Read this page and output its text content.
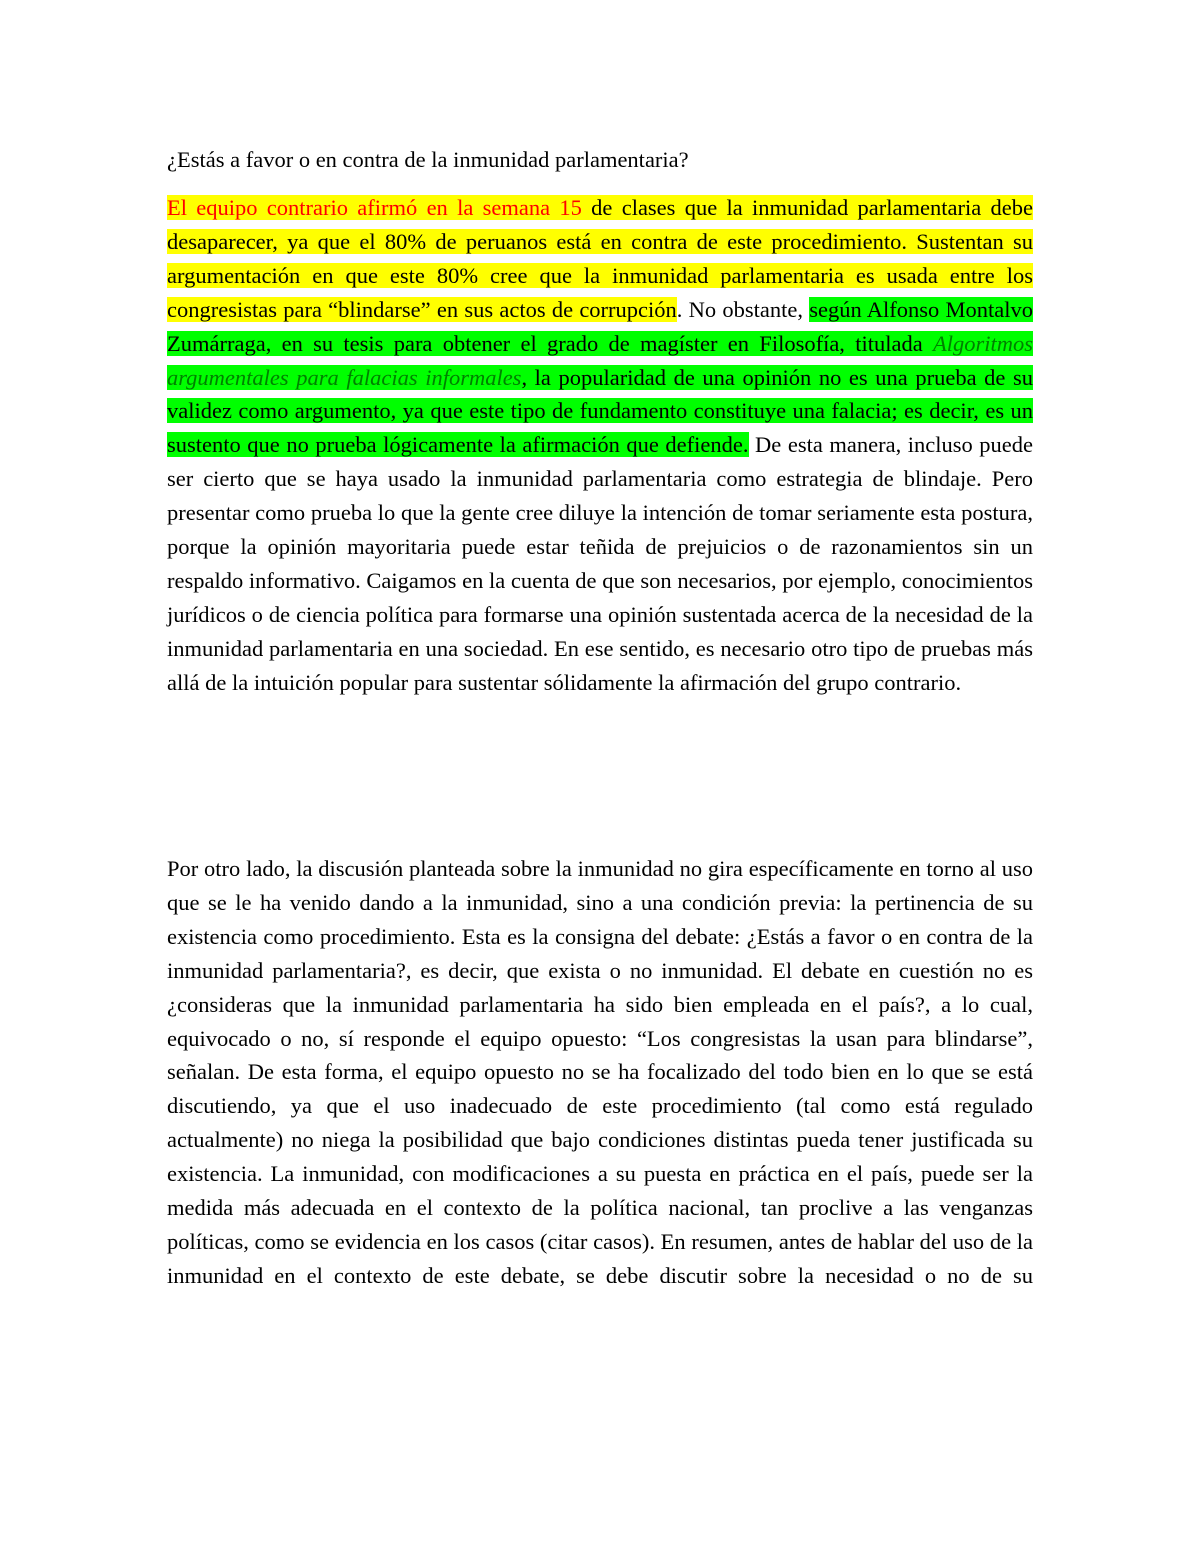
¿Estás a favor o en contra de la inmunidad parlamentaria?
El equipo contrario afirmó en la semana 15 de clases que la inmunidad parlamentaria debe desaparecer, ya que el 80% de peruanos está en contra de este procedimiento. Sustentan su argumentación en que este 80% cree que la inmunidad parlamentaria es usada entre los congresistas para “blindarse” en sus actos de corrupción. No obstante, según Alfonso Montalvo Zumárraga, en su tesis para obtener el grado de magíster en Filosofía, titulada Algoritmos argumentales para falacias informales, la popularidad de una opinión no es una prueba de su validez como argumento, ya que este tipo de fundamento constituye una falacia; es decir, es un sustento que no prueba lógicamente la afirmación que defiende. De esta manera, incluso puede ser cierto que se haya usado la inmunidad parlamentaria como estrategia de blindaje. Pero presentar como prueba lo que la gente cree diluye la intención de tomar seriamente esta postura, porque la opinión mayoritaria puede estar teñida de prejuicios o de razonamientos sin un respaldo informativo. Caigamos en la cuenta de que son necesarios, por ejemplo, conocimientos jurídicos o de ciencia política para formarse una opinión sustentada acerca de la necesidad de la inmunidad parlamentaria en una sociedad. En ese sentido, es necesario otro tipo de pruebas más allá de la intuición popular para sustentar sólidamente la afirmación del grupo contrario.
Por otro lado, la discusión planteada sobre la inmunidad no gira específicamente en torno al uso que se le ha venido dando a la inmunidad, sino a una condición previa: la pertinencia de su existencia como procedimiento. Esta es la consigna del debate: ¿Estás a favor o en contra de la inmunidad parlamentaria?, es decir, que exista o no inmunidad. El debate en cuestión no es ¿consideras que la inmunidad parlamentaria ha sido bien empleada en el país?, a lo cual, equivocado o no, sí responde el equipo opuesto: “Los congresistas la usan para blindarse”, señalan. De esta forma, el equipo opuesto no se ha focalizado del todo bien en lo que se está discutiendo, ya que el uso inadecuado de este procedimiento (tal como está regulado actualmente) no niega la posibilidad que bajo condiciones distintas pueda tener justificada su existencia. La inmunidad, con modificaciones a su puesta en práctica en el país, puede ser la medida más adecuada en el contexto de la política nacional, tan proclive a las venganzas políticas, como se evidencia en los casos (citar casos). En resumen, antes de hablar del uso de la inmunidad en el contexto de este debate, se debe discutir sobre la necesidad o no de su
